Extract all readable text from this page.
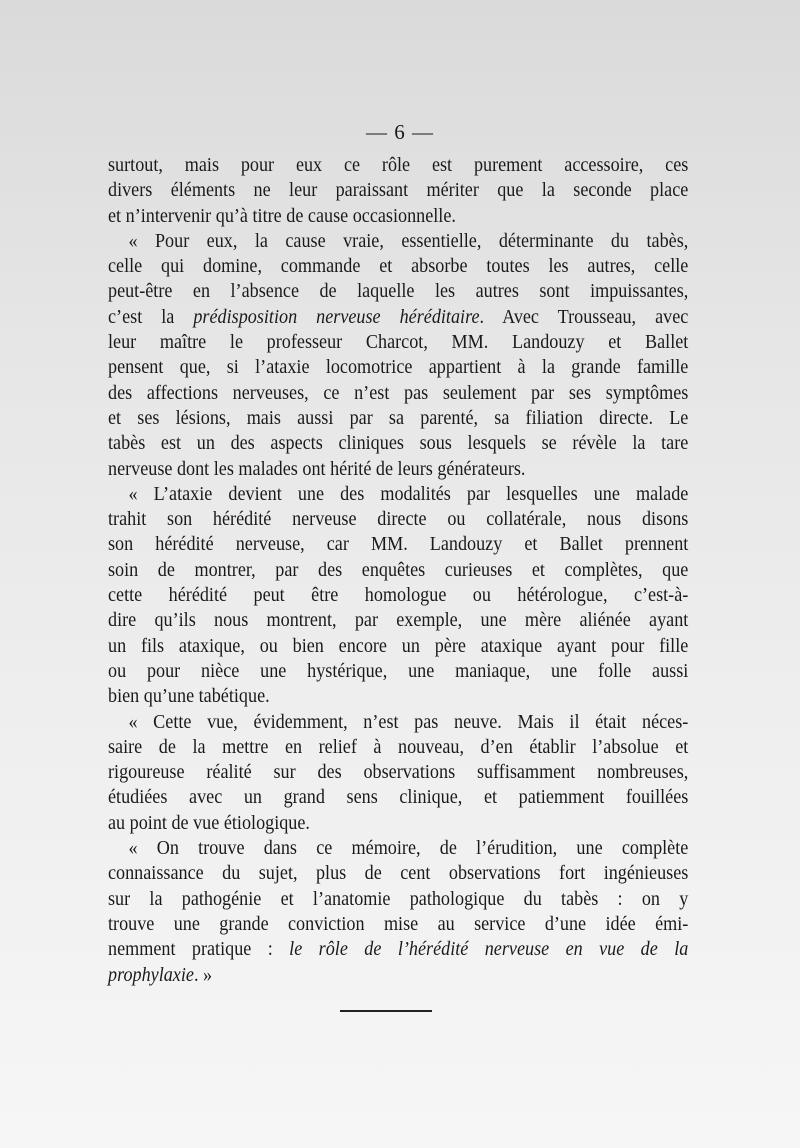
— 6 —
surtout, mais pour eux ce rôle est purement accessoire, ces
divers éléments ne leur paraissant mériter que la seconde place
et n’intervenir qu’à titre de cause occasionnelle.
« Pour eux, la cause vraie, essentielle, déterminante du tabès,
celle qui domine, commande et absorbe toutes les autres, celle
peut-être en l’absence de laquelle les autres sont impuissantes,
c’est la prédisposition nerveuse héréditaire. Avec Trousseau, avec
leur maître le professeur Charcot, MM. Landouzy et Ballet
pensent que, si l’ataxie locomotrice appartient à la grande famille
des affections nerveuses, ce n’est pas seulement par ses symptômes
et ses lésions, mais aussi par sa parenté, sa filiation directe. Le
tabès est un des aspects cliniques sous lesquels se révèle la tare
nerveuse dont les malades ont hérité de leurs générateurs.
« L’ataxie devient une des modalités par lesquelles une malade
trahit son hérédité nerveuse directe ou collatérale, nous disons
son hérédité nerveuse, car MM. Landouzy et Ballet prennent
soin de montrer, par des enquêtes curieuses et complètes, que
cette hérédité peut être homologue ou hétérologue, c’est-à-
dire qu’ils nous montrent, par exemple, une mère aliénée ayant
un fils ataxique, ou bien encore un père ataxique ayant pour fille
ou pour nièce une hystérique, une maniaque, une folle aussi
bien qu’une tabétique.
« Cette vue, évidemment, n’est pas neuve. Mais il était néces-
saire de la mettre en relief à nouveau, d’en établir l’absolue et
rigoureuse réalité sur des observations suffisamment nombreuses,
étudiées avec un grand sens clinique, et patiemment fouillées
au point de vue étiologique.
« On trouve dans ce mémoire, de l’érudition, une complète
connaissance du sujet, plus de cent observations fort ingénieuses
sur la pathogénie et l’anatomie pathologique du tabès : on y
trouve une grande conviction mise au service d’une idée émi-
nemment pratique : le rôle de l’hérédité nerveuse en vue de la
prophylaxie. »
